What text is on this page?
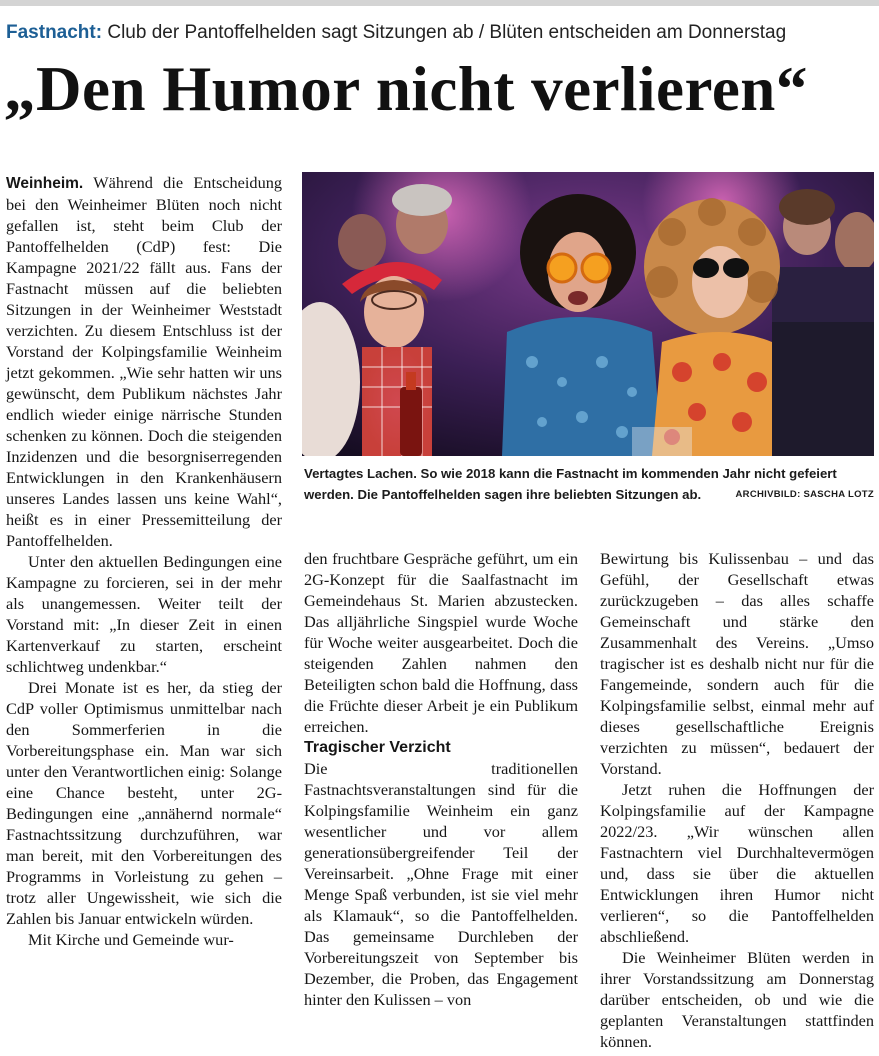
Fastnacht: Club der Pantoffelhelden sagt Sitzungen ab / Blüten entscheiden am Donnerstag
„Den Humor nicht verlieren“

Weinheim. Während die Entscheidung bei den Weinheimer Blüten noch nicht gefallen ist, steht beim Club der Pantoffelhelden (CdP) fest: Die Kampagne 2021/22 fällt aus. Fans der Fastnacht müssen auf die beliebten Sitzungen in der Weinheimer Weststadt verzichten. Zu diesem Entschluss ist der Vorstand der Kolpingsfamilie Weinheim jetzt gekommen. „Wie sehr hatten wir uns gewünscht, dem Publikum nächstes Jahr endlich wieder einige närrische Stunden schenken zu können. Doch die steigenden Inzidenzen und die besorgniserregenden Entwicklungen in den Krankenhäusern unseres Landes lassen uns keine Wahl“, heißt es in einer Pressemitteilung der Pantoffelhelden.

Unter den aktuellen Bedingungen eine Kampagne zu forcieren, sei in der mehr als unangemessen. Weiter teilt der Vorstand mit: „In dieser Zeit in einen Kartenverkauf zu starten, erscheint schlichtweg undenkbar.“

Drei Monate ist es her, da stieg der CdP voller Optimismus unmittelbar nach den Sommerferien in die Vorbereitungsphase ein. Man war sich unter den Verantwortlichen einig: Solange eine Chance besteht, unter 2G-Bedingungen eine „annähernd normale“ Fastnachtssitzung durchzuführen, war man bereit, mit den Vorbereitungen des Programms in Vorleistung zu gehen – trotz aller Ungewissheit, wie sich die Zahlen bis Januar entwickeln würden.

Mit Kirche und Gemeinde wur-

Vertagtes Lachen. So wie 2018 kann die Fastnacht im kommenden Jahr nicht gefeiert werden. Die Pantoffelhelden sagen ihre beliebten Sitzungen ab.	ARCHIVBILD: SASCHA LOTZ

den fruchtbare Gespräche geführt, um ein 2G-Konzept für die Saalfastnacht im Gemeindehaus St. Marien abzustecken. Das alljährliche Singspiel wurde Woche für Woche weiter ausgearbeitet. Doch die steigenden Zahlen nahmen den Beteiligten schon bald die Hoffnung, dass die Früchte dieser Arbeit je ein Publikum erreichen.

Tragischer Verzicht

Die traditionellen Fastnachtsveranstaltungen sind für die Kolpingsfamilie Weinheim ein ganz wesentlicher und vor allem generationsübergreifender Teil der Vereinsarbeit. „Ohne Frage mit einer Menge Spaß verbunden, ist sie viel mehr als Klamauk“, so die Pantoffelhelden. Das gemeinsame Durchleben der Vorbereitungszeit von September bis Dezember, die Proben, das Engagement hinter den Kulissen – von

Bewirtung bis Kulissenbau – und das Gefühl, der Gesellschaft etwas zurückzugeben – das alles schaffe Gemeinschaft und stärke den Zusammenhalt des Vereins. „Umso tragischer ist es deshalb nicht nur für die Fangemeinde, sondern auch für die Kolpingsfamilie selbst, einmal mehr auf dieses gesellschaftliche Ereignis verzichten zu müssen“, bedauert der Vorstand.

Jetzt ruhen die Hoffnungen der Kolpingsfamilie auf der Kampagne 2022/23. „Wir wünschen allen Fastnachtern viel Durchhaltevermögen und, dass sie über die aktuellen Entwicklungen ihren Humor nicht verlieren“, so die Pantoffelhelden abschließend.

Die Weinheimer Blüten werden in ihrer Vorstandssitzung am Donnerstag darüber entscheiden, ob und wie die geplanten Veranstaltungen stattfinden können.
